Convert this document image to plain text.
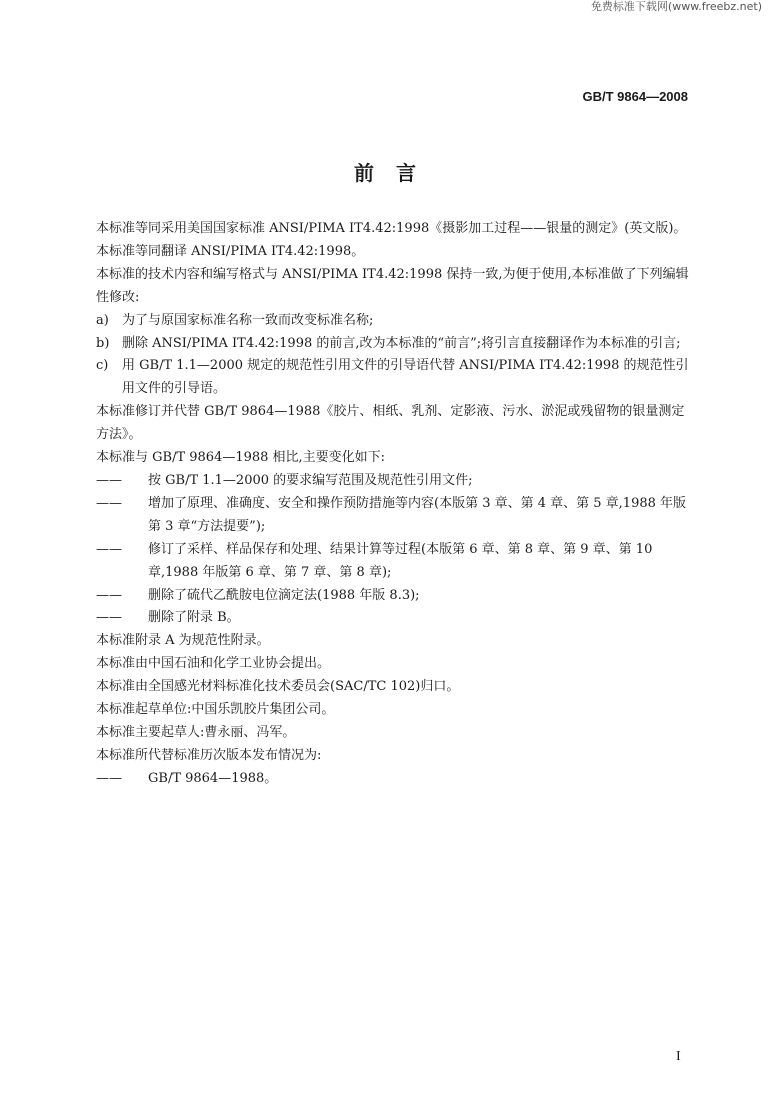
免费标准下载网(www.freebz.net)
GB/T 9864—2008
前言

本标准等同采用美国国家标准 ANSI/PIMA IT4.42:1998《摄影加工过程——银量的测定》(英文版)。本标准等同翻译 ANSI/PIMA IT4.42:1998。

本标准的技术内容和编写格式与 ANSI/PIMA IT4.42:1998 保持一致,为便于使用,本标准做了下列编辑性修改:

a)	为了与原国家标准名称一致而改变标准名称;
b) 删除 ANSI/PIMA IT4.42:1998 的前言,改为本标准的“前言”;将引言直接翻译作为本标准的引言;
c)	用 GB/T 1.1—2000 规定的规范性引用文件的引导语代替 ANSI/PIMA IT4.42:1998 的规范性引用文件的引导语。

本标准修订并代替 GB/T 9864—1988《胶片、相纸、乳剂、定影液、污水、淤泥或残留物的银量测定方法》。

本标准与 GB/T 9864—1988 相比,主要变化如下:

—— 按 GB/T 1.1—2000 的要求编写范围及规范性引用文件;

—— 增加了原理、准确度、安全和操作预防措施等内容(本版第 3 章、第 4 章、第 5 章,1988 年版第 3 章“方法提要”);

—— 修订了采样、样品保存和处理、结果计算等过程(本版第 6 章、第 8 章、第 9 章、第 10 章,1988 年版第 6 章、第 7 章、第 8 章);

—— 删除了硫代乙酰胺电位滴定法(1988 年版 8.3);

—— 删除了附录 B。

本标准附录 A 为规范性附录。

本标准由中国石油和化学工业协会提出。

本标准由全国感光材料标准化技术委员会(SAC/TC 102)归口。

本标准起草单位:中国乐凯胶片集团公司。

本标准主要起草人:曹永丽、冯军。

本标准所代替标准历次版本发布情况为:

—— GB/T 9864—1988。

I
